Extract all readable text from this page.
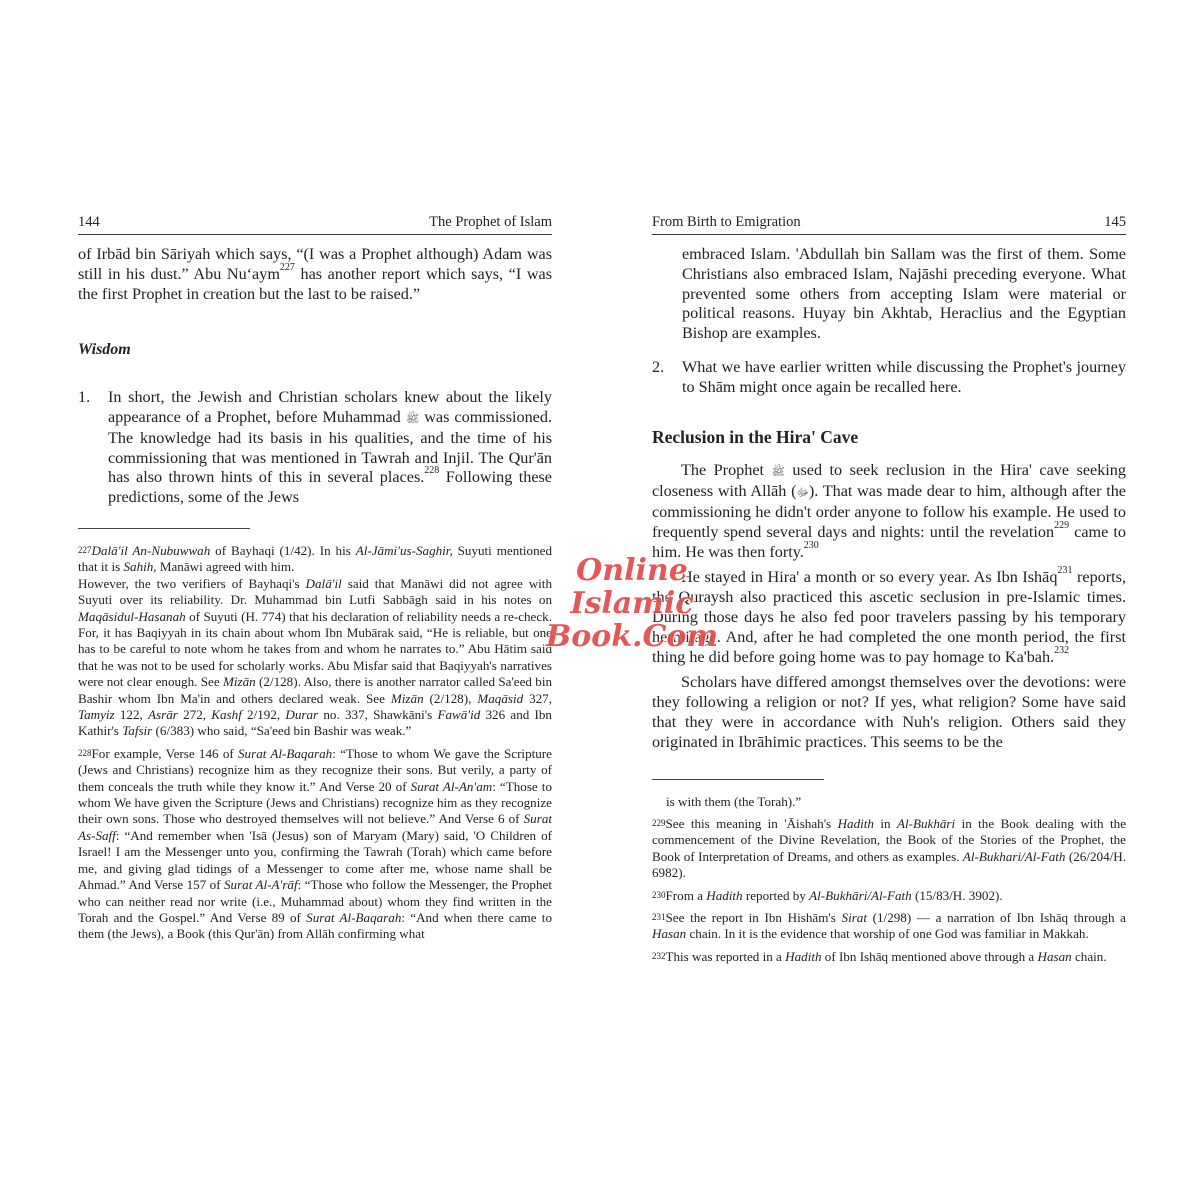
144	The Prophet of Islam

of Irbād bin Sāriyah which says, “(I was a Prophet although) Adam was still in his dust.” Abu Nu‘aym$^{227}$ has another report which says, “I was the first Prophet in creation but the last to be raised.”

Wisdom
1.	In short, the Jewish and Christian scholars knew about the likely appearance of a Prophet, before Muhammad ﷺ was commissioned. The knowledge had its basis in his qualities, and the time of his commissioning that was mentioned in Tawrah and Injil. The Qur'ān has also thrown hints of this in several places.$^{228}$ Following these predictions, some of the Jews
$^{227}$Dalā'il An-Nubuwwah of Bayhaqi (1/42). In his Al-Jāmi'us-Saghir, Suyuti mentioned that it is Sahih, Manāwi agreed with him.
However, the two verifiers of Bayhaqi's Dalā'il said that Manāwi did not agree with Suyuti over its reliability. Dr. Muhammad bin Lutfi Sabbāgh said in his notes on Maqāsidul-Hasanah of Suyuti (H. 774) that his declaration of reliability needs a re-check. For, it has Baqiyyah in its chain about whom Ibn Mubārak said, “He is reliable, but one has to be careful to note whom he takes from and whom he narrates to.” Abu Hātim said that he was not to be used for scholarly works. Abu Misfar said that Baqiyyah's narratives were not clear enough. See Mizān (2/128). Also, there is another narrator called Sa'eed bin Bashir whom Ibn Ma'in and others declared weak. See Mizān (2/128), Maqāsid 327, Tamyiz 122, Asrār 272, Kashf 2/192, Durar no. 337, Shawkāni's Fawā'id 326 and Ibn Kathir's Tafsir (6/383) who said, “Sa'eed bin Bashir was weak.”
$^{228}$For example, Verse 146 of Surat Al-Baqarah: “Those to whom We gave the Scripture (Jews and Christians) recognize him as they recognize their sons. But verily, a party of them conceals the truth while they know it.” And Verse 20 of Surat Al-An'am: “Those to whom We have given the Scripture (Jews and Christians) recognize him as they recognize their own sons. Those who destroyed themselves will not believe.” And Verse 6 of Surat As-Saff: “And remember when 'Isā (Jesus) son of Maryam (Mary) said, 'O Children of Israel! I am the Messenger unto you, confirming the Tawrah (Torah) which came before me, and giving glad tidings of a Messenger to come after me, whose name shall be Ahmad.” And Verse 157 of Surat Al-A'rāf: “Those who follow the Messenger, the Prophet who can neither read nor write (i.e., Muhammad about) whom they find written in the Torah and the Gospel.” And Verse 89 of Surat Al-Baqarah: “And when there came to them (the Jews), a Book (this Qur'ān) from Allāh confirming what
From Birth to Emigration	145

embraced Islam. 'Abdullah bin Sallam was the first of them. Some Christians also embraced Islam, Najāshi preceding everyone. What prevented some others from accepting Islam were material or political reasons. Huyay bin Akhtab, Heraclius and the Egyptian Bishop are examples.

2.	What we have earlier written while discussing the Prophet's journey to Shām might once again be recalled here.
Reclusion in the Hira' Cave

The Prophet ﷺ used to seek reclusion in the Hira' cave seeking closeness with Allāh (ﷻ). That was made dear to him, although after the commissioning he didn't order anyone to follow his example. He used to frequently spend several days and nights: until the revelation$^{229}$ came to him. He was then forty.$^{230}$

He stayed in Hira' a month or so every year. As Ibn Ishāq$^{231}$ reports, the Quraysh also practiced this ascetic seclusion in pre-Islamic times. During those days he also fed poor travelers passing by his temporary hermitage. And, after he had completed the one month period, the first thing he did before going home was to pay homage to Ka'bah.$^{232}$

Scholars have differed amongst themselves over the devotions: were they following a religion or not? If yes, what religion? Some have said that they were in accordance with Nuh's religion. Others said they originated in Ibrāhimic practices. This seems to be the

is with them (the Torah).”
$^{229}$See this meaning in 'Āishah's Hadith in Al-Bukhāri in the Book dealing with the commencement of the Divine Revelation, the Book of the Stories of the Prophet, the Book of Interpretation of Dreams, and others as examples. Al-Bukhari/Al-Fath (26/204/H. 6982).
$^{230}$From a Hadith reported by Al-Bukhāri/Al-Fath (15/83/H. 3902).
$^{231}$See the report in Ibn Hishām's Sirat (1/298) — a narration of Ibn Ishāq through a Hasan chain. In it is the evidence that worship of one God was familiar in Makkah.
$^{232}$This was reported in a Hadith of Ibn Ishāq mentioned above through a Hasan chain.
Online Islamic
Book.Com
